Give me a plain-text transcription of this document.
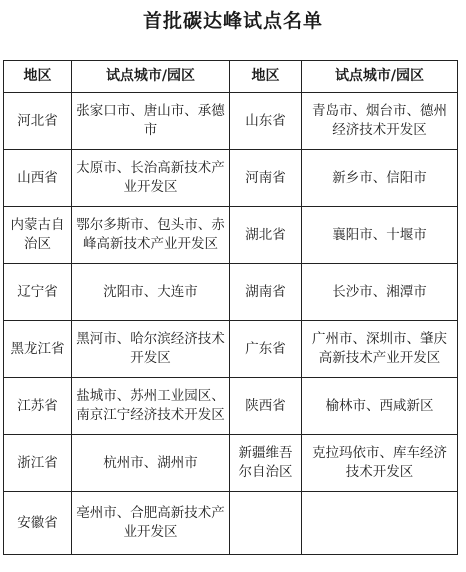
首批碳达峰试点名单
地区	试点城市/园区	地区	试点城市/园区
河北省	张家口市、唐山市、承德市	山东省	青岛市、烟台市、德州经济技术开发区
山西省	太原市、长治高新技术产业开发区	河南省	新乡市、信阳市
内蒙古自治区	鄂尔多斯市、包头市、赤峰高新技术产业开发区	湖北省	襄阳市、十堰市
辽宁省	沈阳市、大连市	湖南省	长沙市、湘潭市
黑龙江省	黑河市、哈尔滨经济技术开发区	广东省	广州市、深圳市、肇庆高新技术产业开发区
江苏省	盐城市、苏州工业园区、南京江宁经济技术开发区	陕西省	榆林市、西咸新区
浙江省	杭州市、湖州市	新疆维吾尔自治区	克拉玛依市、库车经济技术开发区
安徽省	亳州市、合肥高新技术产业开发区		
